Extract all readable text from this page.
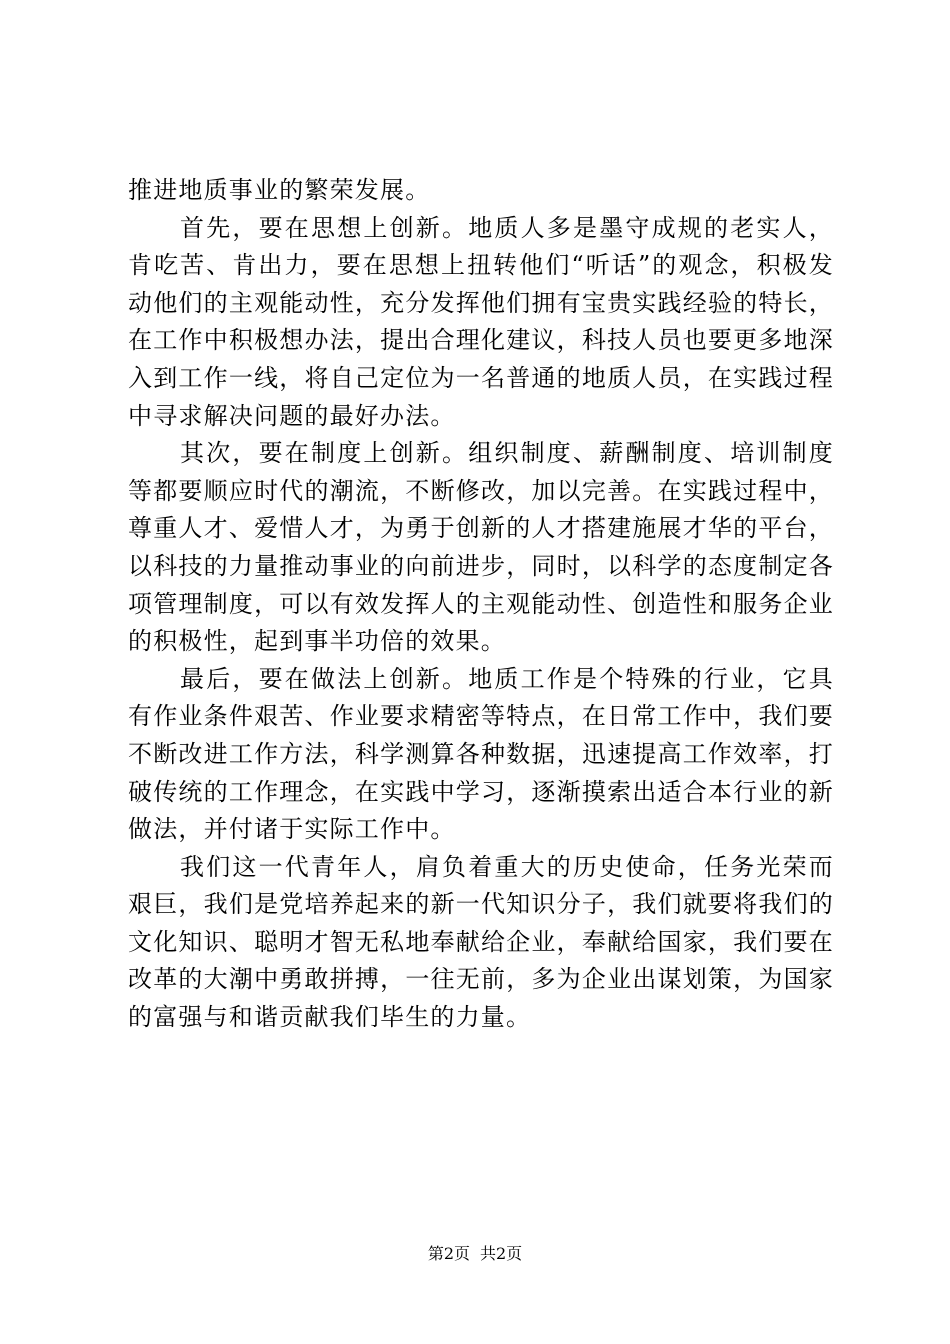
推进地质事业的繁荣发展。

首先，要在思想上创新。地质人多是墨守成规的老实人，肯吃苦、肯出力，要在思想上扭转他们“听话”的观念，积极发动他们的主观能动性，充分发挥他们拥有宝贵实践经验的特长，在工作中积极想办法，提出合理化建议，科技人员也要更多地深入到工作一线，将自己定位为一名普通的地质人员，在实践过程中寻求解决问题的最好办法。

其次，要在制度上创新。组织制度、薪酬制度、培训制度等都要顺应时代的潮流，不断修改，加以完善。在实践过程中，尊重人才、爱惜人才，为勇于创新的人才搭建施展才华的平台，以科技的力量推动事业的向前进步，同时，以科学的态度制定各项管理制度，可以有效发挥人的主观能动性、创造性和服务企业的积极性，起到事半功倍的效果。

最后，要在做法上创新。地质工作是个特殊的行业，它具有作业条件艰苦、作业要求精密等特点，在日常工作中，我们要不断改进工作方法，科学测算各种数据，迅速提高工作效率，打破传统的工作理念，在实践中学习，逐渐摸索出适合本行业的新做法，并付诸于实际工作中。

我们这一代青年人，肩负着重大的历史使命，任务光荣而艰巨，我们是党培养起来的新一代知识分子，我们就要将我们的文化知识、聪明才智无私地奉献给企业，奉献给国家，我们要在改革的大潮中勇敢拼搏，一往无前，多为企业出谋划策，为国家的富强与和谐贡献我们毕生的力量。

第2页 共2页
